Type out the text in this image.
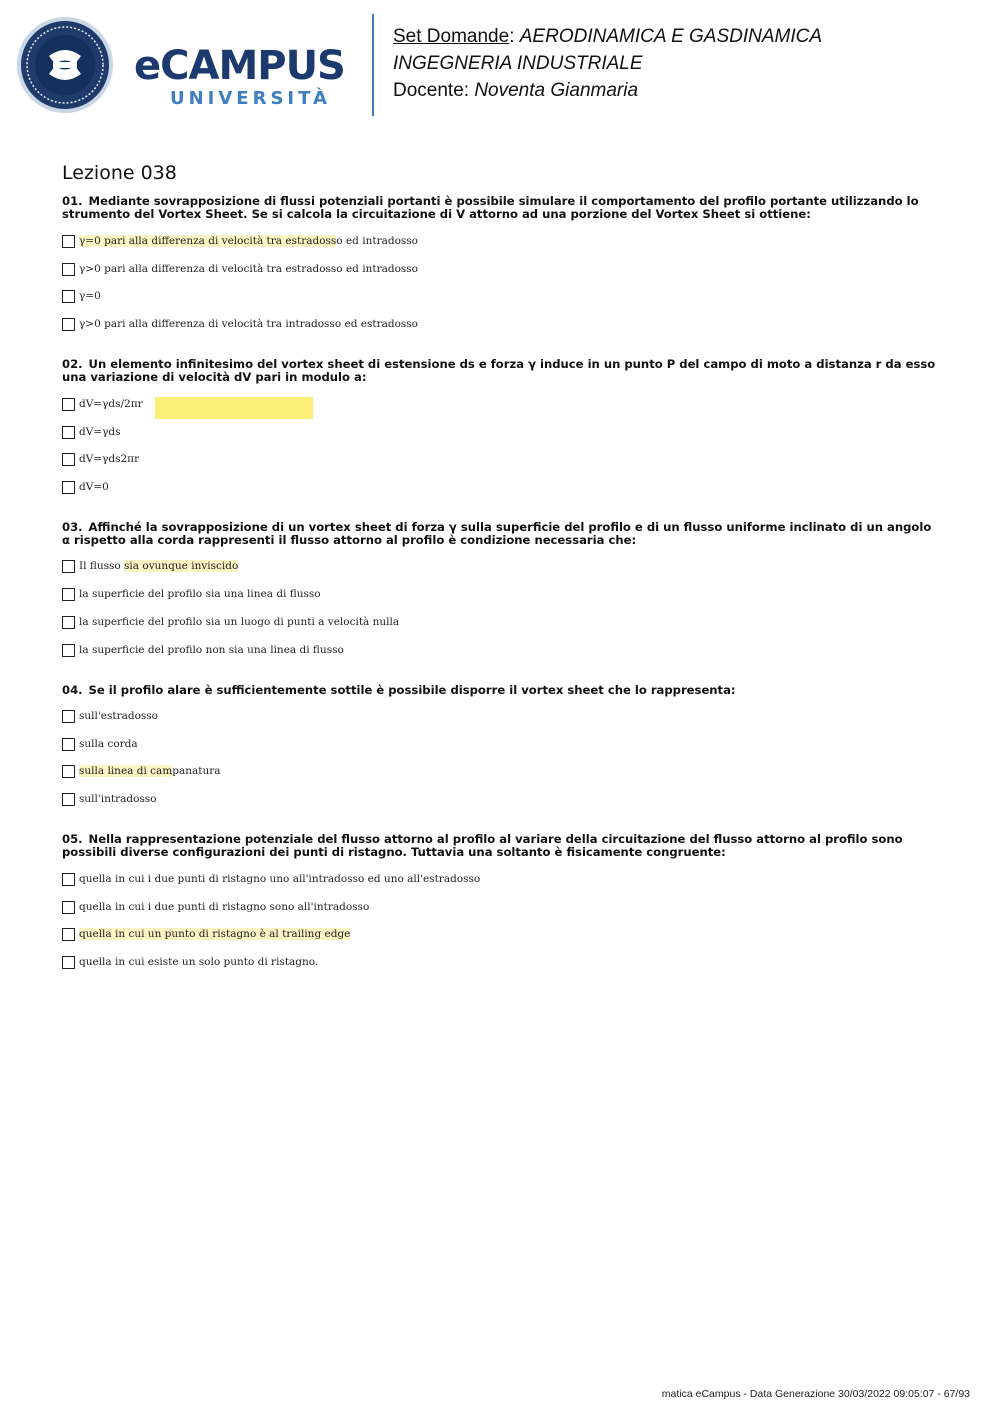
eCAMPUS
UNIVERSITÀ
Set Domande: AERODINAMICA E GASDINAMICA
INGEGNERIA INDUSTRIALE
Docente: Noventa Gianmaria
Lezione 038

01. Mediante sovrapposizione di flussi potenziali portanti è possibile simulare il comportamento del profilo portante utilizzando lo strumento del Vortex Sheet. Se si calcola la circuitazione di V attorno ad una porzione del Vortex Sheet si ottiene:

γ=0 pari alla differenza di velocità tra estradosso ed intradosso
γ>0 pari alla differenza di velocità tra estradosso ed intradosso
γ=0
γ>0 pari alla differenza di velocità tra intradosso ed estradosso

02. Un elemento infinitesimo del vortex sheet di estensione ds e forza γ induce in un punto P del campo di moto a distanza r da esso una variazione di velocità dV pari in modulo a:

dV=γds/2πr
dV=γds
dV=γds2πr
dV=0

03. Affinché la sovrapposizione di un vortex sheet di forza γ sulla superficie del profilo e di un flusso uniforme inclinato di un angolo α rispetto alla corda rappresenti il flusso attorno al profilo è condizione necessaria che:

Il flusso sia ovunque inviscido
la superficie del profilo sia una linea di flusso
la superficie del profilo sia un luogo di punti a velocità nulla
la superficie del profilo non sia una linea di flusso

04. Se il profilo alare è sufficientemente sottile è possibile disporre il vortex sheet che lo rappresenta:

sull'estradosso
sulla corda
sulla linea di campanatura
sull'intradosso

05. Nella rappresentazione potenziale del flusso attorno al profilo al variare della circuitazione del flusso attorno al profilo sono possibili diverse configurazioni dei punti di ristagno. Tuttavia una soltanto è fisicamente congruente:

quella in cui i due punti di ristagno uno all'intradosso ed uno all'estradosso
quella in cui i due punti di ristagno sono all'intradosso
quella in cui un punto di ristagno è al trailing edge
quella in cui esiste un solo punto di ristagno.
matica eCampus - Data Generazione 30/03/2022 09:05:07 - 67/93
